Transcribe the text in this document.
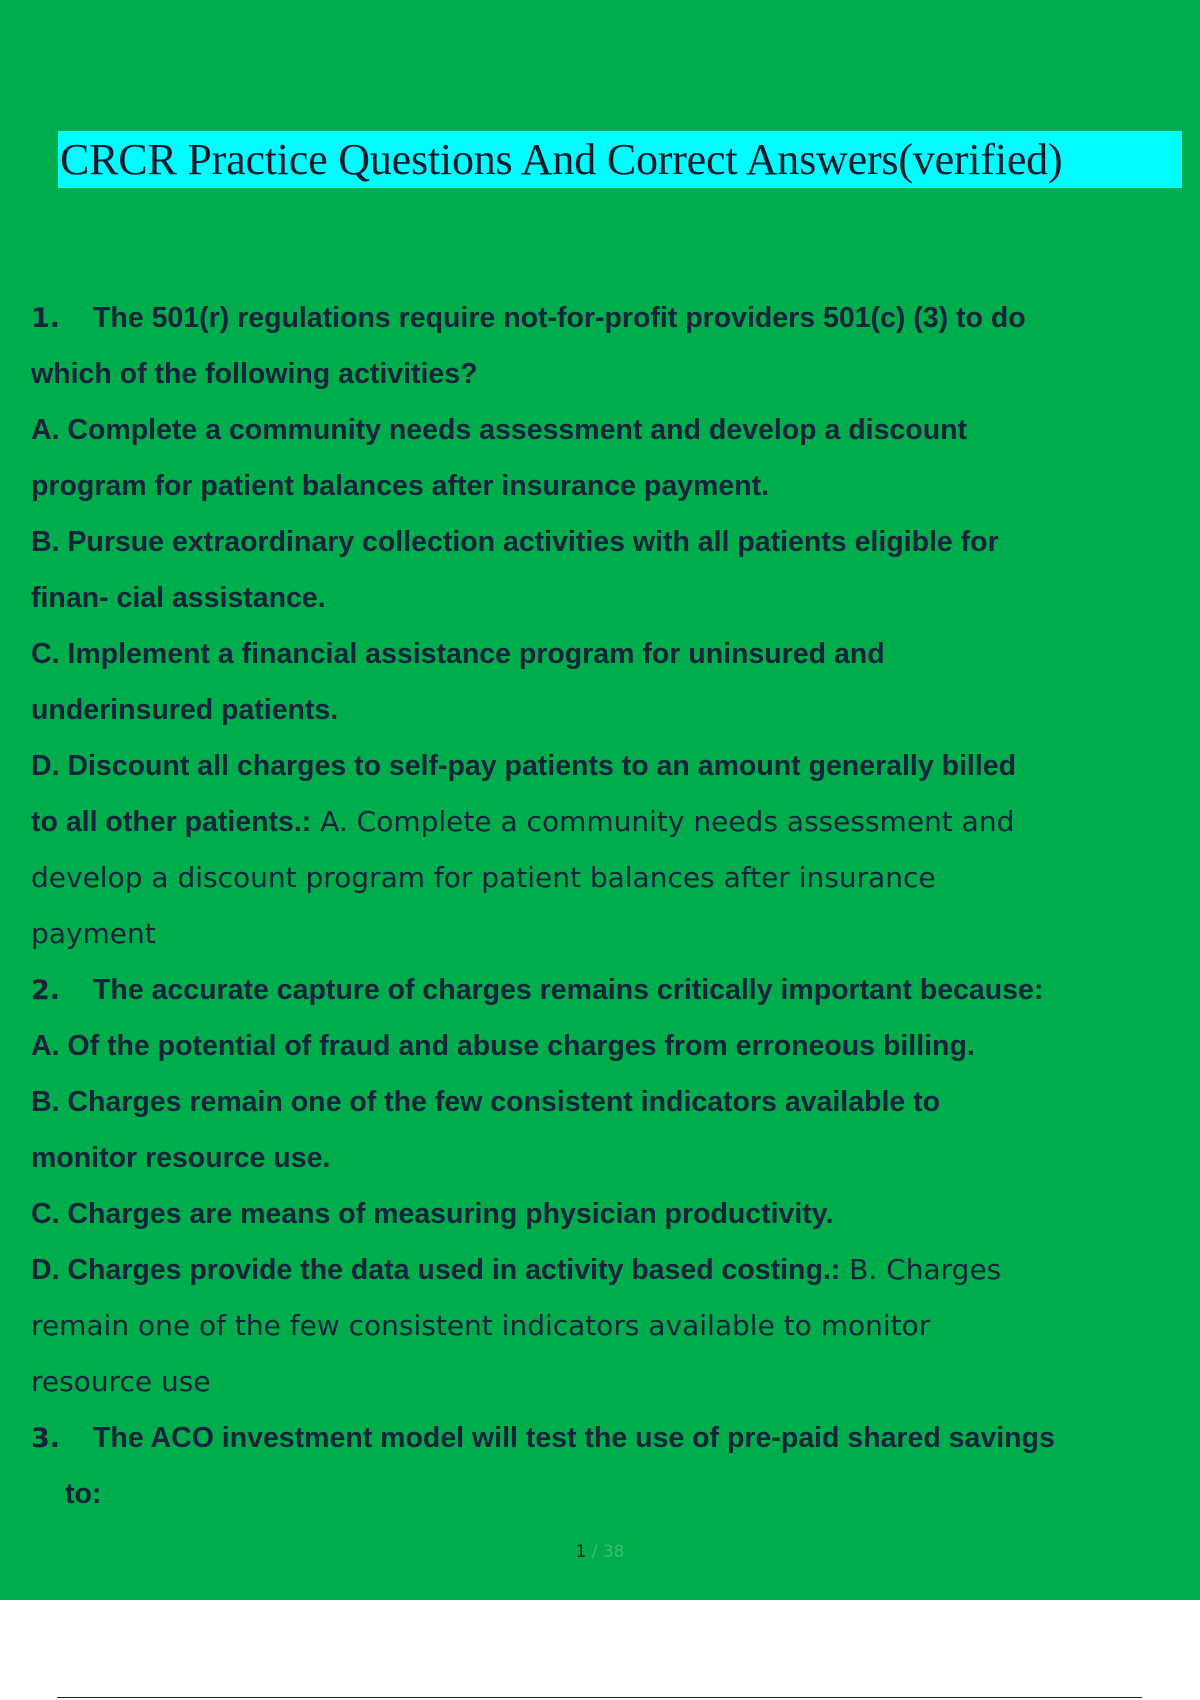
CRCR Practice Questions And Correct Answers(verified)
1. The 501(r) regulations require not-for-profit providers 501(c) (3) to do
which of the following activities?
A. Complete a community needs assessment and develop a discount
program for patient balances after insurance payment.
B. Pursue extraordinary collection activities with all patients eligible for
finan- cial assistance.
C. Implement a financial assistance program for uninsured and
underinsured patients.
D. Discount all charges to self-pay patients to an amount generally billed
to all other patients.: A. Complete a community needs assessment and
develop a discount program for patient balances after insurance
payment
2. The accurate capture of charges remains critically important because:
A. Of the potential of fraud and abuse charges from erroneous billing.
B. Charges remain one of the few consistent indicators available to
monitor resource use.
C. Charges are means of measuring physician productivity.
D. Charges provide the data used in activity based costing.: B. Charges
remain one of the few consistent indicators available to monitor
resource use
3. The ACO investment model will test the use of pre-paid shared savings
to:
1 / 38
